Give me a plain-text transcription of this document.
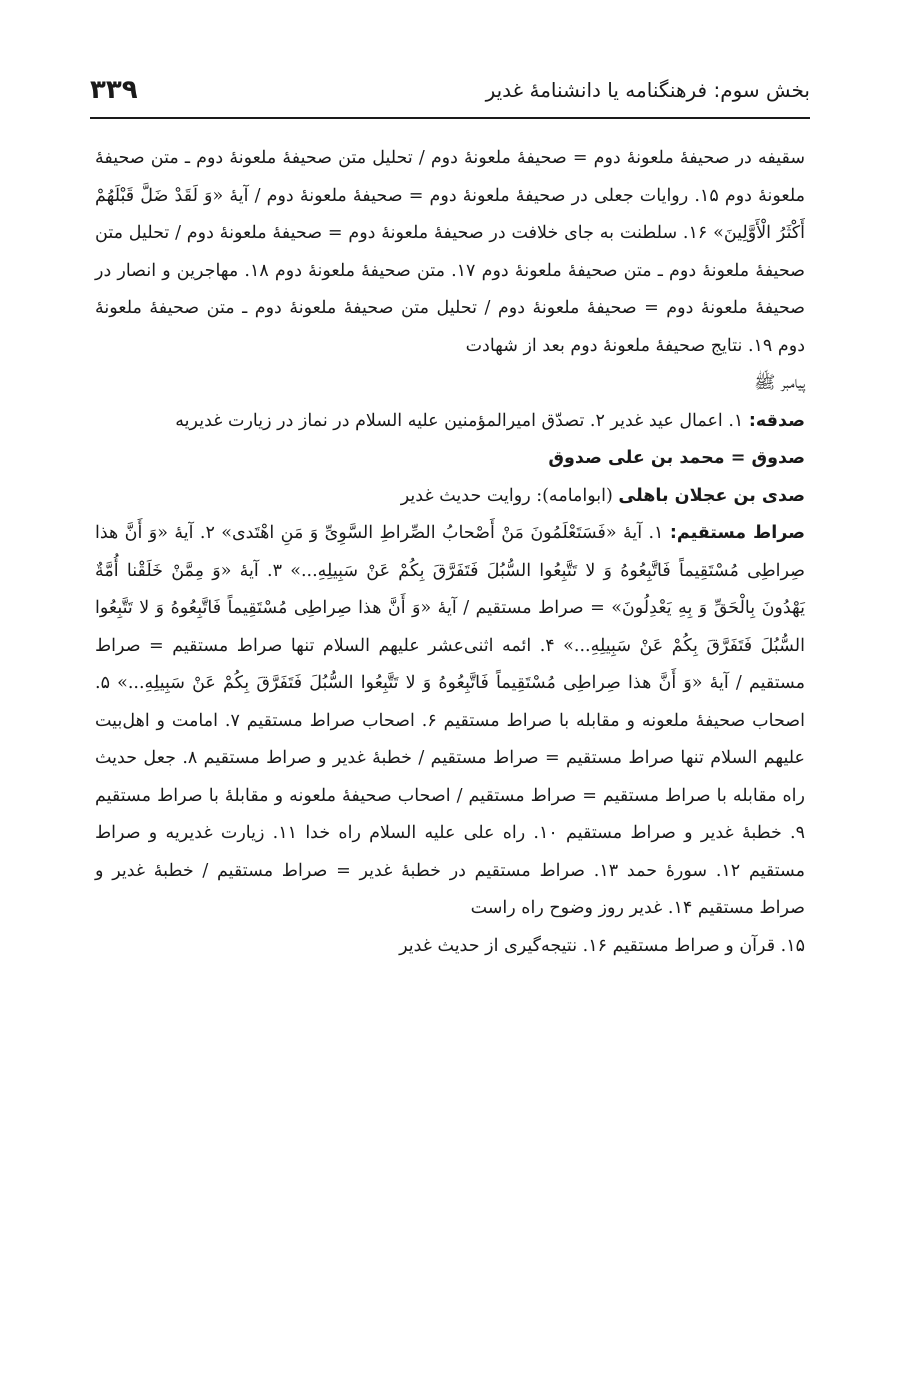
بخش سوم: فرهنگنامه یا دانشنامهٔ غدیر
۳۳۹

سقیفه در صحیفهٔ ملعونهٔ دوم = صحیفهٔ ملعونهٔ دوم / تحلیل متن صحیفهٔ ملعونهٔ دوم ـ متن صحیفهٔ ملعونهٔ دوم ۱۵. روایات جعلی در صحیفهٔ ملعونهٔ دوم = صحیفهٔ ملعونهٔ دوم / آیهٔ «وَ لَقَدْ ضَلَّ قَبْلَهُمْ أَكْثَرُ الْأَوَّلِینَ» ۱۶. سلطنت به جای خلافت در صحیفهٔ ملعونهٔ دوم = صحیفهٔ ملعونهٔ دوم / تحلیل متن صحیفهٔ ملعونهٔ دوم ـ متن صحیفهٔ ملعونهٔ دوم ۱۷. متن صحیفهٔ ملعونهٔ دوم ۱۸. مهاجرین و انصار در صحیفهٔ ملعونهٔ دوم = صحیفهٔ ملعونهٔ دوم / تحلیل متن صحیفهٔ ملعونهٔ دوم ـ متن صحیفهٔ ملعونهٔ دوم ۱۹. نتایج صحیفهٔ ملعونهٔ دوم بعد از شهادت

پیامبر ﷺ

صدقه: ۱. اعمال عید غدیر ۲. تصدّق امیرالمؤمنین علیه السلام در نماز در زیارت غدیریه

صدوق = محمد بن علی صدوق

صدی بن عجلان باهلی (ابوامامه): روایت حدیث غدیر

صراط مستقیم: ۱. آیهٔ «فَسَتَعْلَمُونَ مَنْ أَصْحابُ الصِّراطِ السَّوِیِّ وَ مَنِ اهْتَدی» ۲. آیهٔ «وَ أَنَّ هذا صِراطِی مُسْتَقِیماً فَاتَّبِعُوهُ وَ لا تَتَّبِعُوا السُّبُلَ فَتَفَرَّقَ بِكُمْ عَنْ سَبِیلِهِ...» ۳. آیهٔ «وَ مِمَّنْ خَلَقْنا أُمَّةٌ یَهْدُونَ بِالْحَقِّ وَ بِهِ یَعْدِلُونَ» = صراط مستقیم / آیهٔ «وَ أَنَّ هذا صِراطِی مُسْتَقِیماً فَاتَّبِعُوهُ وَ لا تَتَّبِعُوا السُّبُلَ فَتَفَرَّقَ بِكُمْ عَنْ سَبِیلِهِ...» ۴. ائمه اثنی‌عشر علیهم السلام تنها صراط مستقیم = صراط مستقیم / آیهٔ «وَ أَنَّ هذا صِراطِی مُسْتَقِیماً فَاتَّبِعُوهُ وَ لا تَتَّبِعُوا السُّبُلَ فَتَفَرَّقَ بِكُمْ عَنْ سَبِیلِهِ...» ۵. اصحاب صحیفهٔ ملعونه و مقابله با صراط مستقیم ۶. اصحاب صراط مستقیم ۷. امامت و اهل‌بیت علیهم السلام تنها صراط مستقیم = صراط مستقیم / خطبهٔ غدیر و صراط مستقیم ۸. جعل حدیث راه مقابله با صراط مستقیم = صراط مستقیم / اصحاب صحیفهٔ ملعونه و مقابلهٔ با صراط مستقیم ۹. خطبهٔ غدیر و صراط مستقیم ۱۰. راه علی علیه السلام راه خدا ۱۱. زیارت غدیریه و صراط مستقیم ۱۲. سورهٔ حمد ۱۳. صراط مستقیم در خطبهٔ غدیر = صراط مستقیم / خطبهٔ غدیر و صراط مستقیم ۱۴. غدیر روز وضوح راه راست

۱۵. قرآن و صراط مستقیم ۱۶. نتیجه‌گیری از حدیث غدیر
